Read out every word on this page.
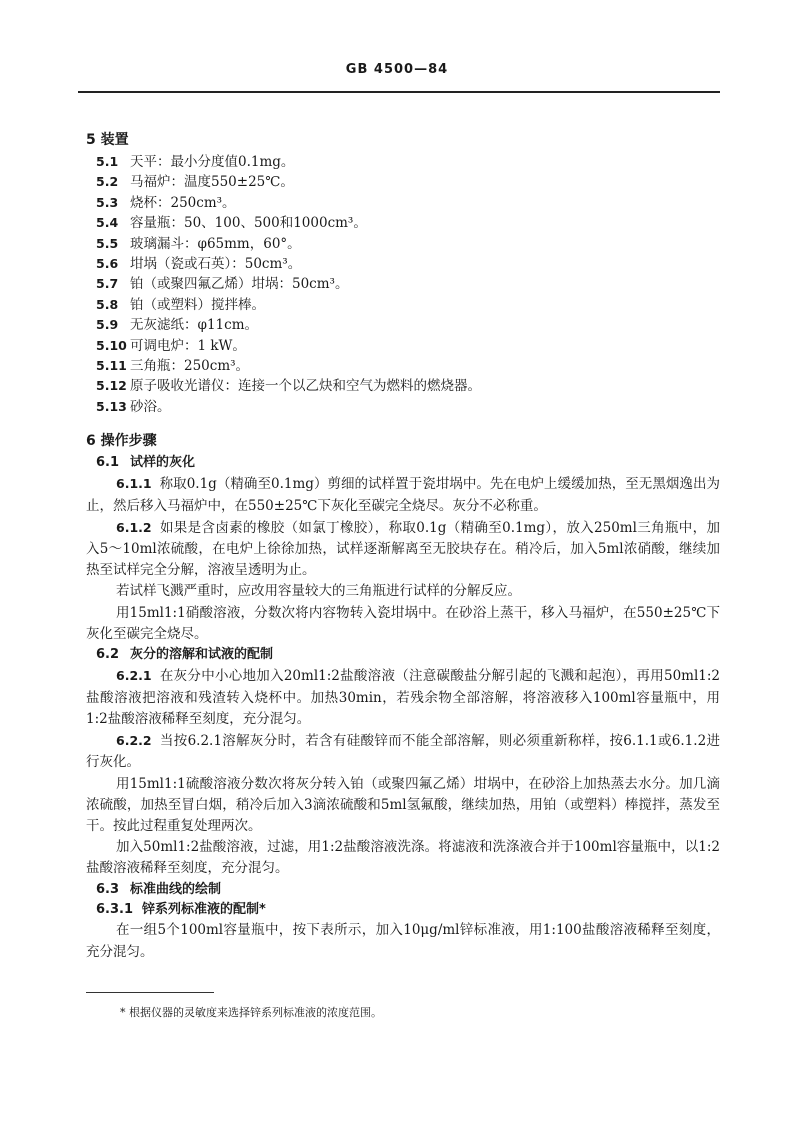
GB 4500—84
5 装置
5.1 天平：最小分度值0.1mg。
5.2 马福炉：温度550±25℃。
5.3 烧杯：250cm³。
5.4 容量瓶：50、100、500和1000cm³。
5.5 玻璃漏斗：φ65mm，60°。
5.6 坩埚（瓷或石英）：50cm³。
5.7 铂（或聚四氟乙烯）坩埚：50cm³。
5.8 铂（或塑料）搅拌棒。
5.9 无灰滤纸：φ11cm。
5.10 可调电炉：1 kW。
5.11 三角瓶：250cm³。
5.12 原子吸收光谱仪：连接一个以乙炔和空气为燃料的燃烧器。
5.13 砂浴。
6 操作步骤
6.1 试样的灰化

6.1.1 称取0.1g（精确至0.1mg）剪细的试样置于瓷坩埚中。先在电炉上缓缓加热，至无黑烟逸出为止，然后移入马福炉中，在550±25℃下灰化至碳完全烧尽。灰分不必称重。

6.1.2 如果是含卤素的橡胶（如氯丁橡胶），称取0.1g（精确至0.1mg），放入250ml三角瓶中，加入5～10ml浓硫酸，在电炉上徐徐加热，试样逐渐解离至无胶块存在。稍冷后，加入5ml浓硝酸，继续加热至试样完全分解，溶液呈透明为止。

若试样飞溅严重时，应改用容量较大的三角瓶进行试样的分解反应。

用15ml1:1硝酸溶液，分数次将内容物转入瓷坩埚中。在砂浴上蒸干，移入马福炉，在550±25℃下灰化至碳完全烧尽。

6.2 灰分的溶解和试液的配制

6.2.1 在灰分中小心地加入20ml1:2盐酸溶液（注意碳酸盐分解引起的飞溅和起泡），再用50ml1:2盐酸溶液把溶液和残渣转入烧杯中。加热30min，若残余物全部溶解，将溶液移入100ml容量瓶中，用1:2盐酸溶液稀释至刻度，充分混匀。

6.2.2 当按6.2.1溶解灰分时，若含有硅酸锌而不能全部溶解，则必须重新称样，按6.1.1或6.1.2进行灰化。

用15ml1:1硫酸溶液分数次将灰分转入铂（或聚四氟乙烯）坩埚中，在砂浴上加热蒸去水分。加几滴浓硫酸，加热至冒白烟，稍冷后加入3滴浓硫酸和5ml氢氟酸，继续加热，用铂（或塑料）棒搅拌，蒸发至干。按此过程重复处理两次。

加入50ml1:2盐酸溶液，过滤，用1:2盐酸溶液洗涤。将滤液和洗涤液合并于100ml容量瓶中，以1:2盐酸溶液稀释至刻度，充分混匀。

6.3 标准曲线的绘制
6.3.1 锌系列标准液的配制*

在一组5个100ml容量瓶中，按下表所示，加入10μg/ml锌标准液，用1:100盐酸溶液稀释至刻度，充分混匀。

* 根据仪器的灵敏度来选择锌系列标准液的浓度范围。
